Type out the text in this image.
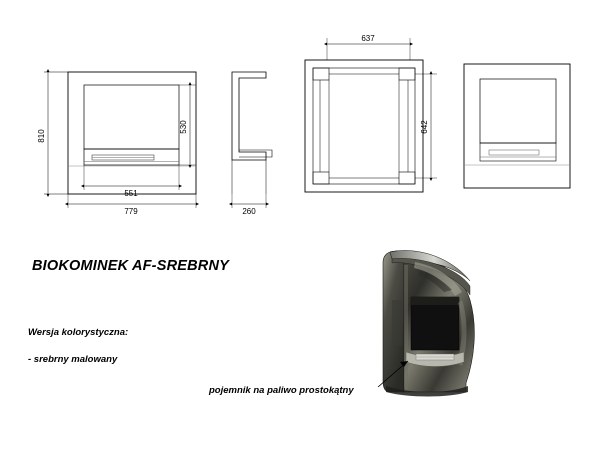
810
530
551
779	260
637
642
BIOKOMINEK AF-SREBRNY
Wersja kolorystyczna:
- srebrny malowany
pojemnik na paliwo prostokątny
